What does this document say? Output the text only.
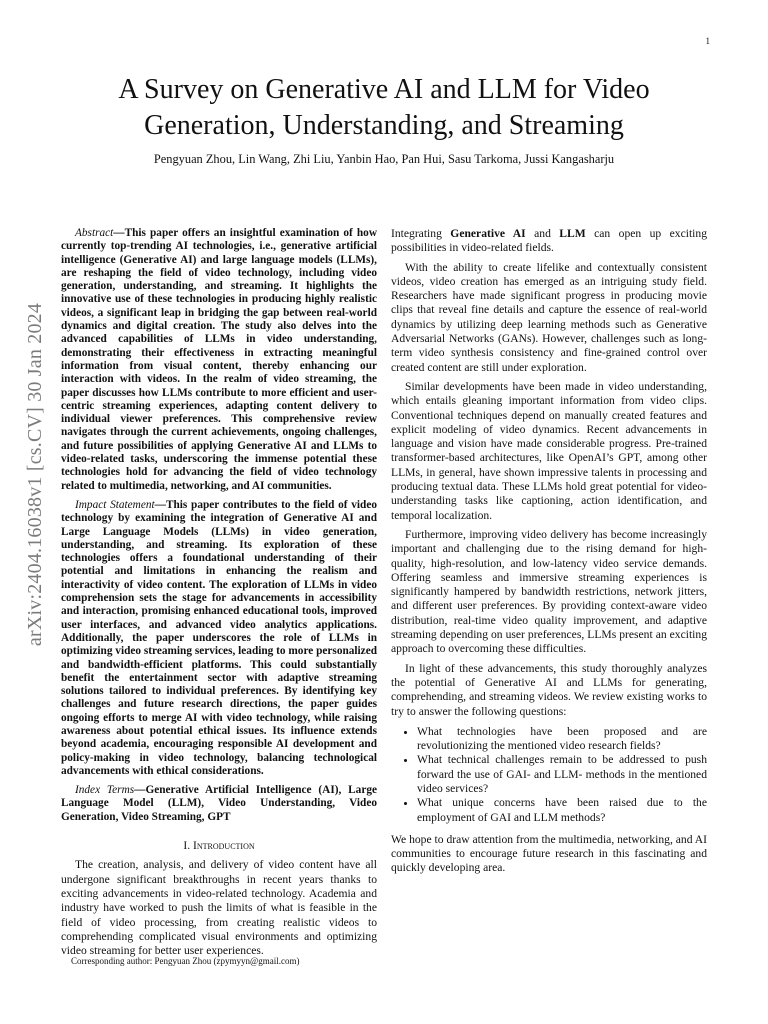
1
arXiv:2404.16038v1 [cs.CV] 30 Jan 2024
A Survey on Generative AI and LLM for Video
Generation, Understanding, and Streaming
Pengyuan Zhou, Lin Wang, Zhi Liu, Yanbin Hao, Pan Hui, Sasu Tarkoma, Jussi Kangasharju

Abstract—This paper offers an insightful examination of how currently top-trending AI technologies, i.e., generative artificial intelligence (Generative AI) and large language models (LLMs), are reshaping the field of video technology, including video generation, understanding, and streaming. It highlights the innovative use of these technologies in producing highly realistic videos, a significant leap in bridging the gap between real-world dynamics and digital creation. The study also delves into the advanced capabilities of LLMs in video understanding, demonstrating their effectiveness in extracting meaningful information from visual content, thereby enhancing our interaction with videos. In the realm of video streaming, the paper discusses how LLMs contribute to more efficient and user-centric streaming experiences, adapting content delivery to individual viewer preferences. This comprehensive review navigates through the current achievements, ongoing challenges, and future possibilities of applying Generative AI and LLMs to video-related tasks, underscoring the immense potential these technologies hold for advancing the field of video technology related to multimedia, networking, and AI communities.

Impact Statement—This paper contributes to the field of video technology by examining the integration of Generative AI and Large Language Models (LLMs) in video generation, understanding, and streaming. Its exploration of these technologies offers a foundational understanding of their potential and limitations in enhancing the realism and interactivity of video content. The exploration of LLMs in video comprehension sets the stage for advancements in accessibility and interaction, promising enhanced educational tools, improved user interfaces, and advanced video analytics applications. Additionally, the paper underscores the role of LLMs in optimizing video streaming services, leading to more personalized and bandwidth-efficient platforms. This could substantially benefit the entertainment sector with adaptive streaming solutions tailored to individual preferences. By identifying key challenges and future research directions, the paper guides ongoing efforts to merge AI with video technology, while raising awareness about potential ethical issues. Its influence extends beyond academia, encouraging responsible AI development and policy-making in video technology, balancing technological advancements with ethical considerations.

Index Terms—Generative Artificial Intelligence (AI), Large Language Model (LLM), Video Understanding, Video Generation, Video Streaming, GPT

I. Introduction

The creation, analysis, and delivery of video content have all undergone significant breakthroughs in recent years thanks to exciting advancements in video-related technology. Academia and industry have worked to push the limits of what is feasible in the field of video processing, from creating realistic videos to comprehending complicated visual environments and optimizing video streaming for better user experiences.

Corresponding author: Pengyuan Zhou (zpymyyn@gmail.com)

Integrating Generative AI and LLM can open up exciting possibilities in video-related fields.

With the ability to create lifelike and contextually consistent videos, video creation has emerged as an intriguing study field. Researchers have made significant progress in producing movie clips that reveal fine details and capture the essence of real-world dynamics by utilizing deep learning methods such as Generative Adversarial Networks (GANs). However, challenges such as long-term video synthesis consistency and fine-grained control over created content are still under exploration.

Similar developments have been made in video understanding, which entails gleaning important information from video clips. Conventional techniques depend on manually created features and explicit modeling of video dynamics. Recent advancements in language and vision have made considerable progress. Pre-trained transformer-based architectures, like OpenAI’s GPT, among other LLMs, in general, have shown impressive talents in processing and producing textual data. These LLMs hold great potential for video-understanding tasks like captioning, action identification, and temporal localization.

Furthermore, improving video delivery has become increasingly important and challenging due to the rising demand for high-quality, high-resolution, and low-latency video service demands. Offering seamless and immersive streaming experiences is significantly hampered by bandwidth restrictions, network jitters, and different user preferences. By providing context-aware video distribution, real-time video quality improvement, and adaptive streaming depending on user preferences, LLMs present an exciting approach to overcoming these difficulties.

In light of these advancements, this study thoroughly analyzes the potential of Generative AI and LLMs for generating, comprehending, and streaming videos. We review existing works to try to answer the following questions:

• What technologies have been proposed and are revolutionizing the mentioned video research fields?
• What technical challenges remain to be addressed to push forward the use of GAI- and LLM- methods in the mentioned video services?
• What unique concerns have been raised due to the employment of GAI and LLM methods?

We hope to draw attention from the multimedia, networking, and AI communities to encourage future research in this fascinating and quickly developing area.
